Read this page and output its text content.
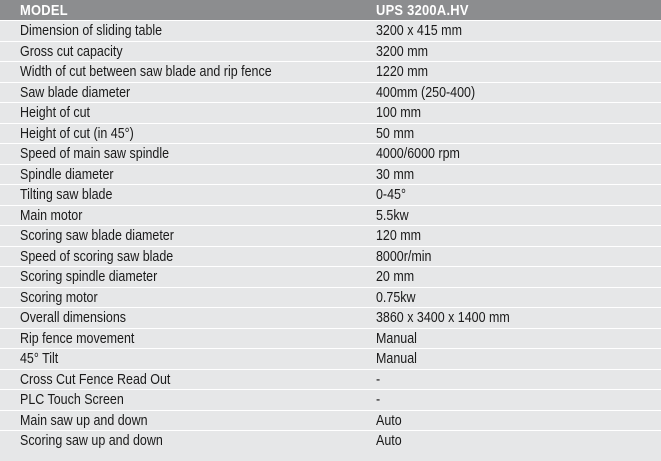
MODEL	UPS 3200A.HV
Dimension of sliding table	3200 x 415 mm
Gross cut capacity	3200 mm
Width of cut between saw blade and rip fence	1220 mm
Saw blade diameter	400mm (250-400)
Height of cut	100 mm
Height of cut (in 45°)	50 mm
Speed of main saw spindle	4000/6000 rpm
Spindle diameter	30 mm
Tilting saw blade	0-45°
Main motor	5.5kw
Scoring saw blade diameter	120 mm
Speed of scoring saw blade	8000r/min
Scoring spindle diameter	20 mm
Scoring motor	0.75kw
Overall dimensions	3860 x 3400 x 1400 mm
Rip fence movement	Manual
45° Tilt	Manual
Cross Cut Fence Read Out	-
PLC Touch Screen	-
Main saw up and down	Auto
Scoring saw up and down	Auto
